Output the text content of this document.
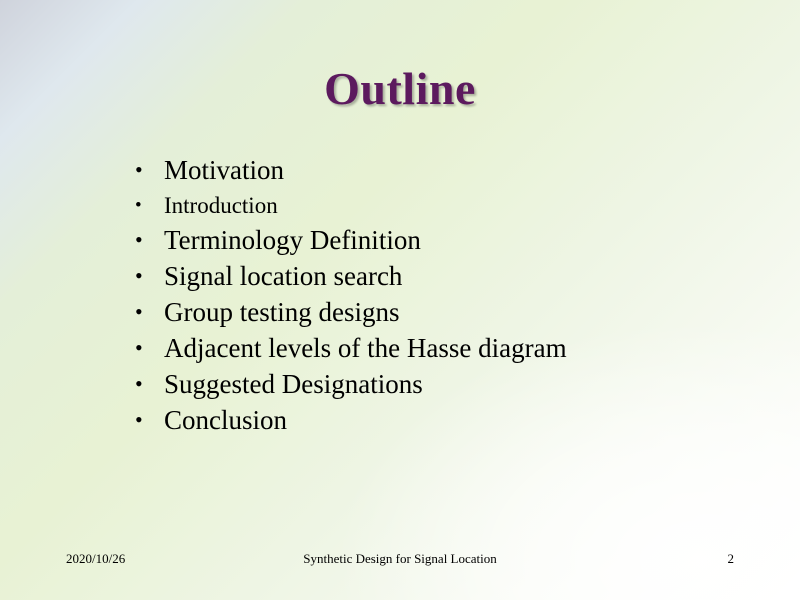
Outline
• Motivation
• Introduction
• Terminology Definition
• Signal location search
• Group testing designs
• Adjacent levels of the Hasse diagram
• Suggested Designations
• Conclusion
2020/10/26	Synthetic Design for Signal Location	2
